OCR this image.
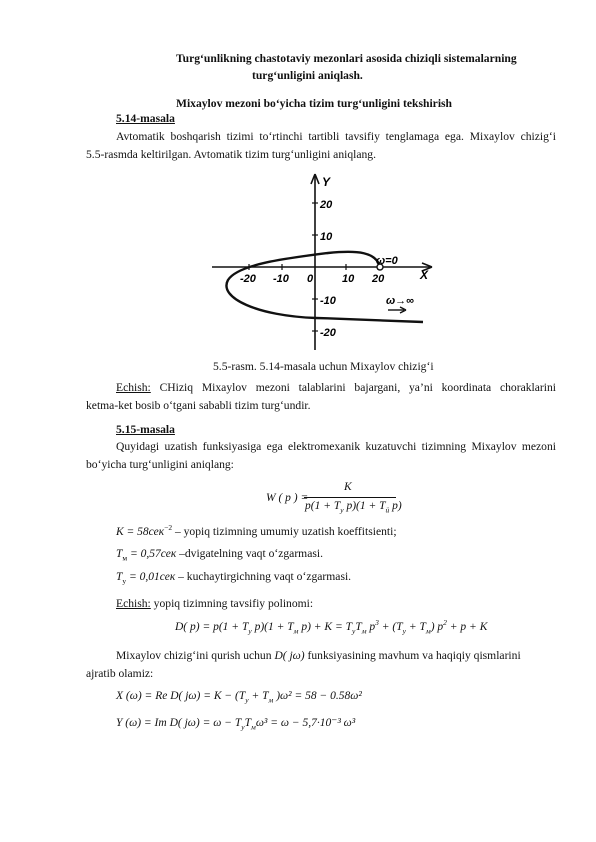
Turg‘unlikning chastotaviy mezonlari asosida chiziqli sistemalarning
turg‘unligini aniqlash.
Mixaylov mezoni bo‘yicha tizim turg‘unligini tekshirish
5.14-masala
Avtomatik boshqarish tizimi to‘rtinchi tartibli tavsifiy tenglamaga ega. Mixaylov chizig‘i
5.5-rasmda keltirilgan. Avtomatik tizim turg‘unligini aniqlang.
Y
X
20
10
-10
-20
-20 -10 0	10 20
ω=0
ω→∞
5.5-rasm. 5.14-masala uchun Mixaylov chizig‘i
Echish: CHiziq Mixaylov mezoni talablarini bajargani, ya’ni koordinata choraklarini
ketma-ket bosib o‘tgani sababli tizim turg‘undir.
5.15-masala
Quyidagi uzatish funksiyasiga ega elektromexanik kuzatuvchi tizimning Mixaylov mezoni
bo‘yicha turg‘unligini aniqlang:
W ( p ) =
K
$p(1 + T_y$ $p)(1 + T_ü$ p)
K = 58сек$^{-2}$ – yopiq tizimning umumiy uzatish koeffitsienti;
$T_м = 0,57сек$ –dvigatelning vaqt o‘zgarmasi.
$T_у = 0,01сек$ – kuchaytirgichning vaqt o‘zgarmasi.
Echish: yopiq tizimning tavsifiy polinomi:
D( $p) = p(1 + T_y$ $p)(1 + T_м$ $p) + K = T_yT_м$ $p^3 + (T_y + T_м) p^2 + p + K$
Mixaylov chizig‘ini qurish uchun D( jω) funksiyasining mavhum va haqiqiy qismlarini
ajratib olamiz:
X (ω) = Re D( $j\omega) = K - (T_y + T_м$ )ω² = 58 − 0.58ω²
Y (ω) = Im D( $j\omega) = \omega - T_yT_м\omega^3 = \omega - 5,7\cdot 10^{-3}$ ω³
